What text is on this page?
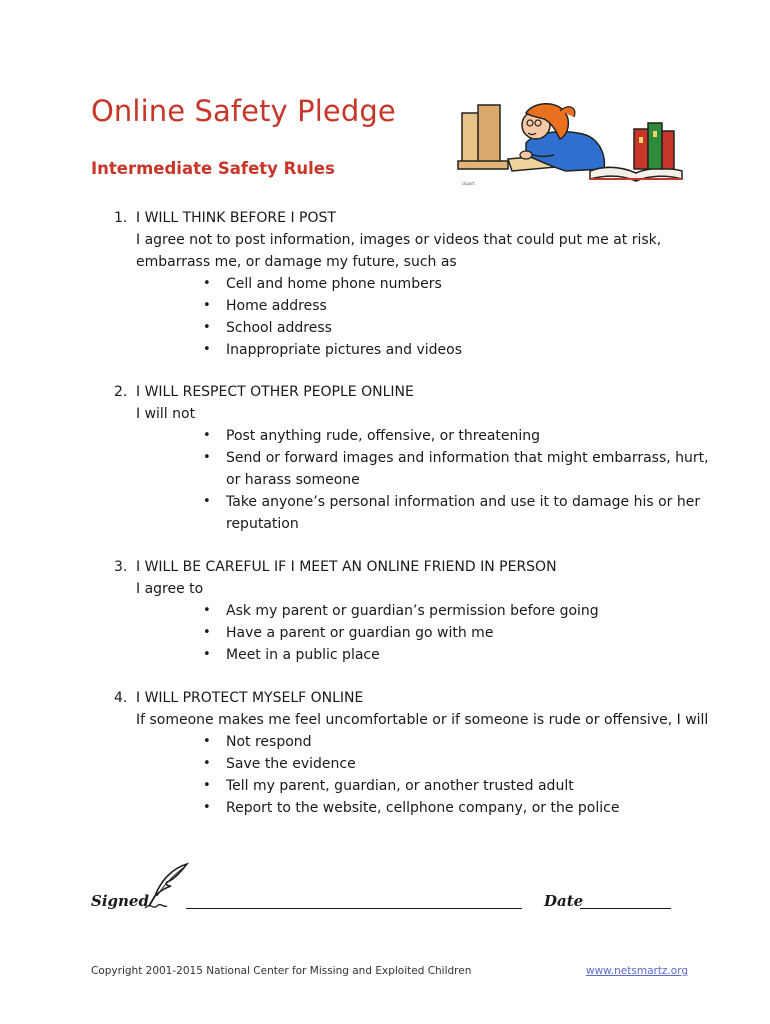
Online Safety Pledge
Intermediate Safety Rules
clipart
1. I WILL THINK BEFORE I POST

I agree not to post information, images or videos that could put me at risk, embarrass me, or damage my future, such as

• Cell and home phone numbers
• Home address
• School address
• Inappropriate pictures and videos
2. I WILL RESPECT OTHER PEOPLE ONLINE

I will not

• Post anything rude, offensive, or threatening
• Send or forward images and information that might embarrass, hurt, or harass someone
• Take anyone’s personal information and use it to damage his or her reputation
3. I WILL BE CAREFUL IF I MEET AN ONLINE FRIEND IN PERSON

I agree to

• Ask my parent or guardian’s permission before going
• Have a parent or guardian go with me
• Meet in a public place
4. I WILL PROTECT MYSELF ONLINE

If someone makes me feel uncomfortable or if someone is rude or offensive, I will

• Not respond
• Save the evidence
• Tell my parent, guardian, or another trusted adult
• Report to the website, cellphone company, or the police
Signed	Date
Copyright 2001-2015 National Center for Missing and Exploited Children	www.netsmartz.org
